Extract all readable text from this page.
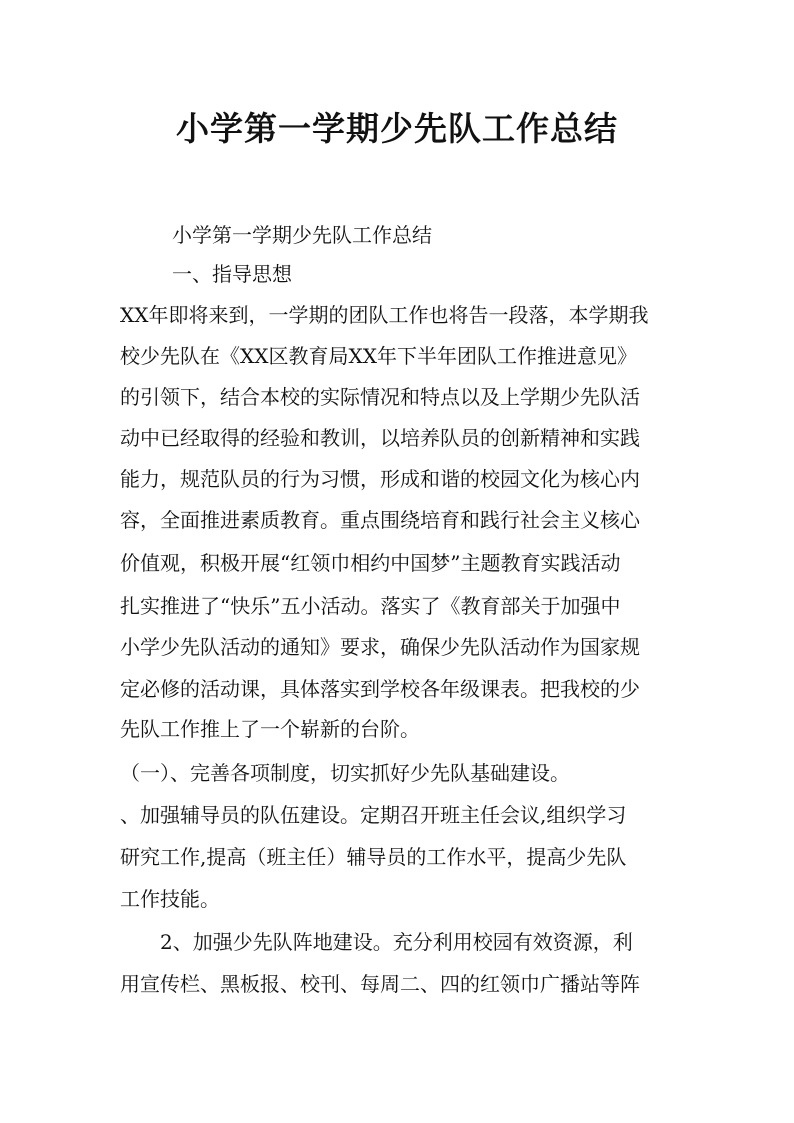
小学第一学期少先队工作总结
小学第一学期少先队工作总结
一、指导思想
XX年即将来到，一学期的团队工作也将告一段落，本学期我
校少先队在《XX区教育局XX年下半年团队工作推进意见》
的引领下，结合本校的实际情况和特点以及上学期少先队活
动中已经取得的经验和教训，以培养队员的创新精神和实践
能力，规范队员的行为习惯，形成和谐的校园文化为核心内
容，全面推进素质教育。重点围绕培育和践行社会主义核心
价值观，积极开展“红领巾相约中国梦”主题教育实践活动
扎实推进了“快乐”五小活动。落实了《教育部关于加强中
小学少先队活动的通知》要求，确保少先队活动作为国家规
定必修的活动课，具体落实到学校各年级课表。把我校的少
先队工作推上了一个崭新的台阶。
（一）、完善各项制度，切实抓好少先队基础建设。
、加强辅导员的队伍建设。定期召开班主任会议,组织学习
研究工作,提高（班主任）辅导员的工作水平，提高少先队
工作技能。
2、加强少先队阵地建设。充分利用校园有效资源，利
用宣传栏、黑板报、校刊、每周二、四的红领巾广播站等阵
